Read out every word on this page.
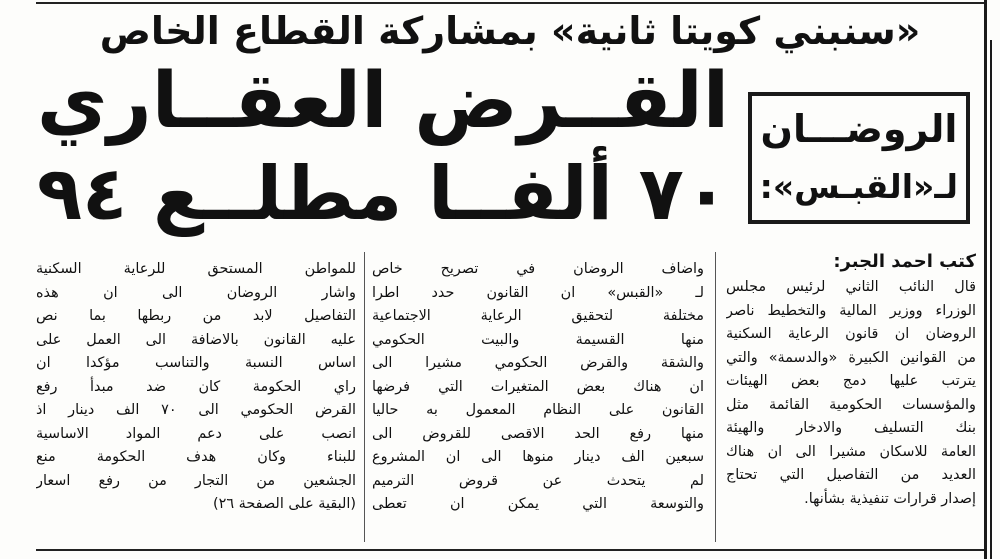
«سنبني كويتا ثانية» بمشاركة القطاع الخاص
القــرض العقــاري
٧٠ ألفــا مطلــع ٩٤
الروضـــان
لـ«القبـس»:
كتب احمد الجبر:
قال النائب الثاني لرئيس مجلس
الوزراء ووزير المالية والتخطيط ناصر
الروضان ان قانون الرعاية السكنية
من القوانين الكبيرة «والدسمة» والتي
يترتب عليها دمج بعض الهيئات
والمؤسسات الحكومية القائمة مثل
بنك التسليف والادخار والهيئة
العامة للاسكان مشيرا الى ان هناك
العديد من التفاصيل التي تحتاج
إصدار قرارات تنفيذية بشأنها.
واضاف الروضان في تصريح خاص
لـ «القبس» ان القانون حدد اطرا
مختلفة لتحقيق الرعاية الاجتماعية
منها القسيمة والبيت الحكومي
والشقة والقرض الحكومي مشيرا الى
ان هناك بعض المتغيرات التي فرضها
القانون على النظام المعمول به حاليا
منها رفع الحد الاقصى للقروض الى
سبعين الف دينار منوها الى ان المشروع
لم يتحدث عن قروض الترميم
والتوسعة التي يمكن ان تعطى
للمواطن المستحق للرعاية السكنية
واشار الروضان الى ان هذه
التفاصيل لابد من ربطها بما نص
عليه القانون بالاضافة الى العمل على
اساس النسبة والتناسب مؤكدا ان
راي الحكومة كان ضد مبدأ رفع
القرض الحكومي الى ٧٠ الف دينار اذ
انصب على دعم المواد الاساسية
للبناء وكان هدف الحكومة منع
الجشعين من التجار من رفع اسعار
(البقية على الصفحة ٢٦)
